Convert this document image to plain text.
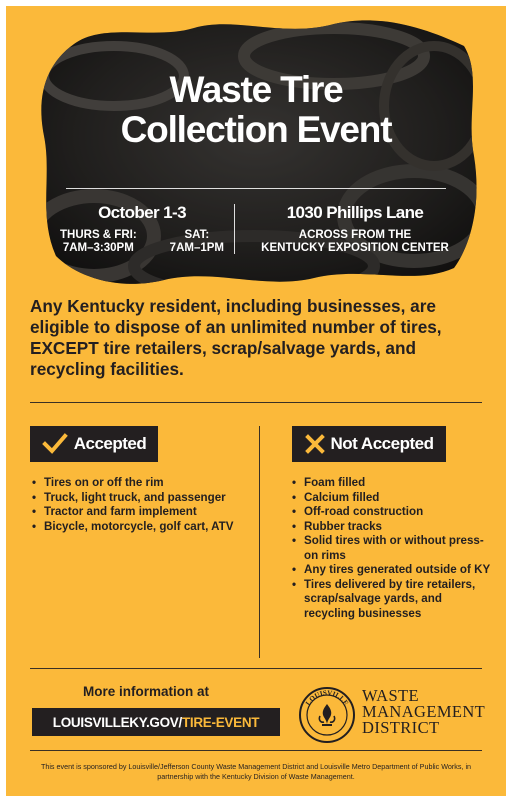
Waste Tire
Collection Event
October 1-3
THURS & FRI:
7AM–3:30PM
SAT:
7AM–1PM
1030 Phillips Lane
ACROSS FROM THE
KENTUCKY EXPOSITION CENTER
Any Kentucky resident, including businesses, are eligible to dispose of an unlimited number of tires, EXCEPT tire retailers, scrap/salvage yards, and recycling facilities.
Accepted
• Tires on or off the rim
• Truck, light truck, and passenger
• Tractor and farm implement
• Bicycle, motorcycle, golf cart, ATV
Not Accepted
• Foam filled
• Calcium filled
• Off-road construction
• Rubber tracks
• Solid tires with or without press-on rims
• Any tires generated outside of KY
• Tires delivered by tire retailers, scrap/salvage yards, and recycling businesses
More information at
LOUISVILLEKY.GOV/ TIRE-EVENT
LOUISVILLE WASTE
MANAGEMENT
DISTRICT
This event is sponsored by Louisville/Jefferson County Waste Management District and Louisville Metro Department of Public Works, in partnership with the Kentucky Division of Waste Management.
